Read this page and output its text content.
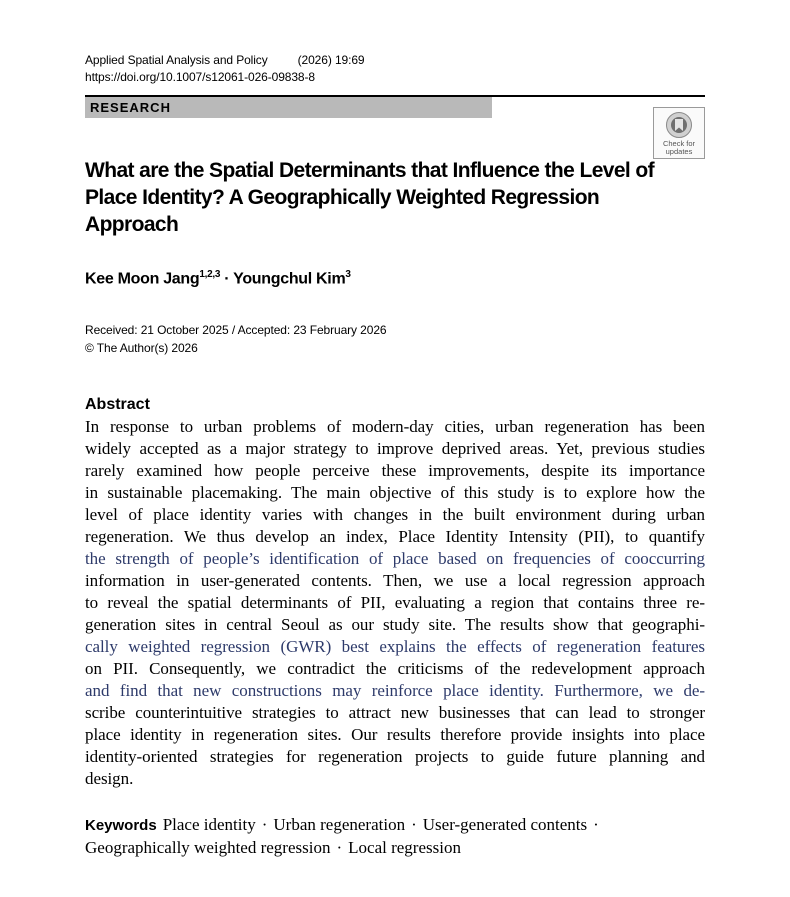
Applied Spatial Analysis and Policy	(2026) 19:69
https://doi.org/10.1007/s12061-026-09838-8
RESEARCH
Check for
updates
What are the Spatial Determinants that Influence the Level of Place Identity? A Geographically Weighted Regression Approach
Kee Moon Jang$^{1,2,3}$ · Youngchul Kim$^3$
Received: 21 October 2025 / Accepted: 23 February 2026
© The Author(s) 2026
Abstract
In response to urban problems of modern-day cities, urban regeneration has been
widely accepted as a major strategy to improve deprived areas. Yet, previous studies
rarely examined how people perceive these improvements, despite its importance
in sustainable placemaking. The main objective of this study is to explore how the
level of place identity varies with changes in the built environment during urban
regeneration. We thus develop an index, Place Identity Intensity (PII), to quantify
the strength of people’s identification of place based on frequencies of cooccurring
information in user-generated contents. Then, we use a local regression approach
to reveal the spatial determinants of PII, evaluating a region that contains three re-
generation sites in central Seoul as our study site. The results show that geographi-
cally weighted regression (GWR) best explains the effects of regeneration features
on PII. Consequently, we contradict the criticisms of the redevelopment approach
and find that new constructions may reinforce place identity. Furthermore, we de-
scribe counterintuitive strategies to attract new businesses that can lead to stronger
place identity in regeneration sites. Our results therefore provide insights into place
identity-oriented strategies for regeneration projects to guide future planning and
design.
Keywords Place identity · Urban regeneration · User-generated contents ·
Geographically weighted regression · Local regression
